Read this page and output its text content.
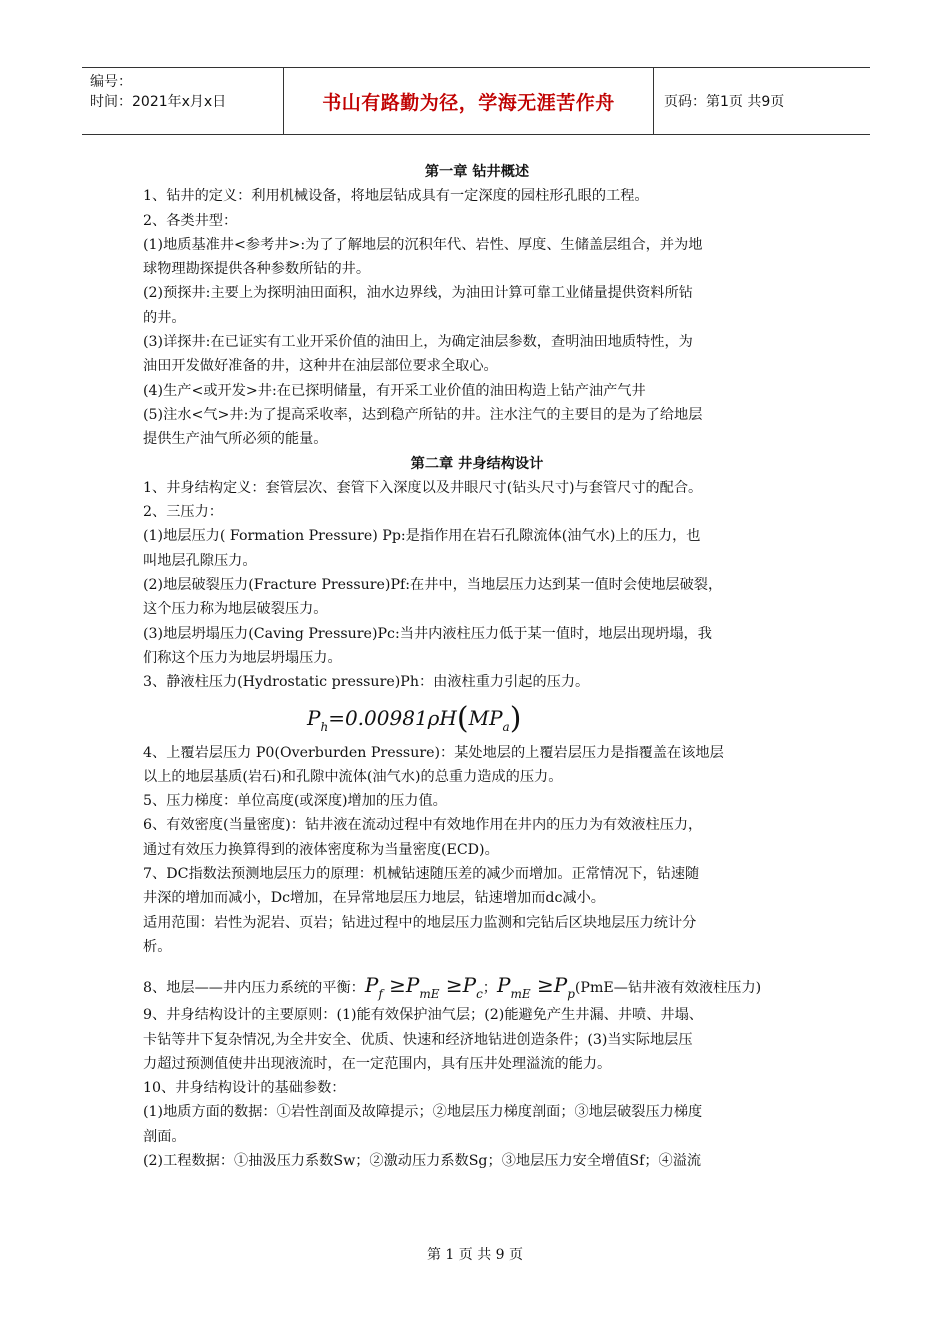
编号：
时间：2021年x月x日	书山有路勤为径，学海无涯苦作舟	页码：第1页 共9页
第一章 钻井概述
1、钻井的定义：利用机械设备，将地层钻成具有一定深度的园柱形孔眼的工程。
2、各类井型：
(1)地质基准井<参考井>:为了了解地层的沉积年代、岩性、厚度、生储盖层组合，并为地
球物理勘探提供各种参数所钻的井。
(2)预探井:主要上为探明油田面积，油水边界线，为油田计算可靠工业储量提供资料所钻
的井。
(3)详探井:在已证实有工业开采价值的油田上，为确定油层参数，查明油田地质特性，为
油田开发做好准备的井，这种井在油层部位要求全取心。
(4)生产<或开发>井:在已探明储量，有开采工业价值的油田构造上钻产油产气井
(5)注水<气>井:为了提高采收率，达到稳产所钻的井。注水注气的主要目的是为了给地层
提供生产油气所必须的能量。
第二章 井身结构设计
1、井身结构定义：套管层次、套管下入深度以及井眼尺寸(钻头尺寸)与套管尺寸的配合。
2、三压力：
(1)地层压力( Formation Pressure) Pp:是指作用在岩石孔隙流体(油气水)上的压力，也
叫地层孔隙压力。
(2)地层破裂压力(Fracture Pressure)Pf:在井中，当地层压力达到某一值时会使地层破裂，
这个压力称为地层破裂压力。
(3)地层坍塌压力(Caving Pressure)Pc:当井内液柱压力低于某一值时，地层出现坍塌，我
们称这个压力为地层坍塌压力。
3、静液柱压力(Hydrostatic pressure)Ph：由液柱重力引起的压力。
$P_h=0.00981\rho H(MP_a)$
4、上覆岩层压力 P0(Overburden Pressure)：某处地层的上覆岩层压力是指覆盖在该地层
以上的地层基质(岩石)和孔隙中流体(油气水)的总重力造成的压力。
5、压力梯度：单位高度(或深度)增加的压力值。
6、有效密度(当量密度)：钻井液在流动过程中有效地作用在井内的压力为有效液柱压力，
通过有效压力换算得到的液体密度称为当量密度(ECD)。
7、DC指数法预测地层压力的原理：机械钻速随压差的减少而增加。正常情况下，钻速随
井深的增加而减小，Dc增加，在异常地层压力地层，钻速增加而dc减小。
适用范围：岩性为泥岩、页岩；钻进过程中的地层压力监测和完钻后区块地层压力统计分
析。
8、地层——井内压力系统的平衡：$P_f \ge P_{mE} \ge P_c$；$P_{mE}$ $\ge P_p(PmE—$钻井液有效液柱压力)
9、井身结构设计的主要原则：(1)能有效保护油气层；(2)能避免产生井漏、井喷、井塌、
卡钻等井下复杂情况,为全井安全、优质、快速和经济地钻进创造条件；(3)当实际地层压
力超过预测值使井出现液流时，在一定范围内，具有压井处理溢流的能力。
10、井身结构设计的基础参数：
(1)地质方面的数据：①岩性剖面及故障提示；②地层压力梯度剖面；③地层破裂压力梯度
剖面。
(2)工程数据：①抽汲压力系数Sw；②激动压力系数Sg；③地层压力安全增值Sf；④溢流
第 1 页 共 9 页
